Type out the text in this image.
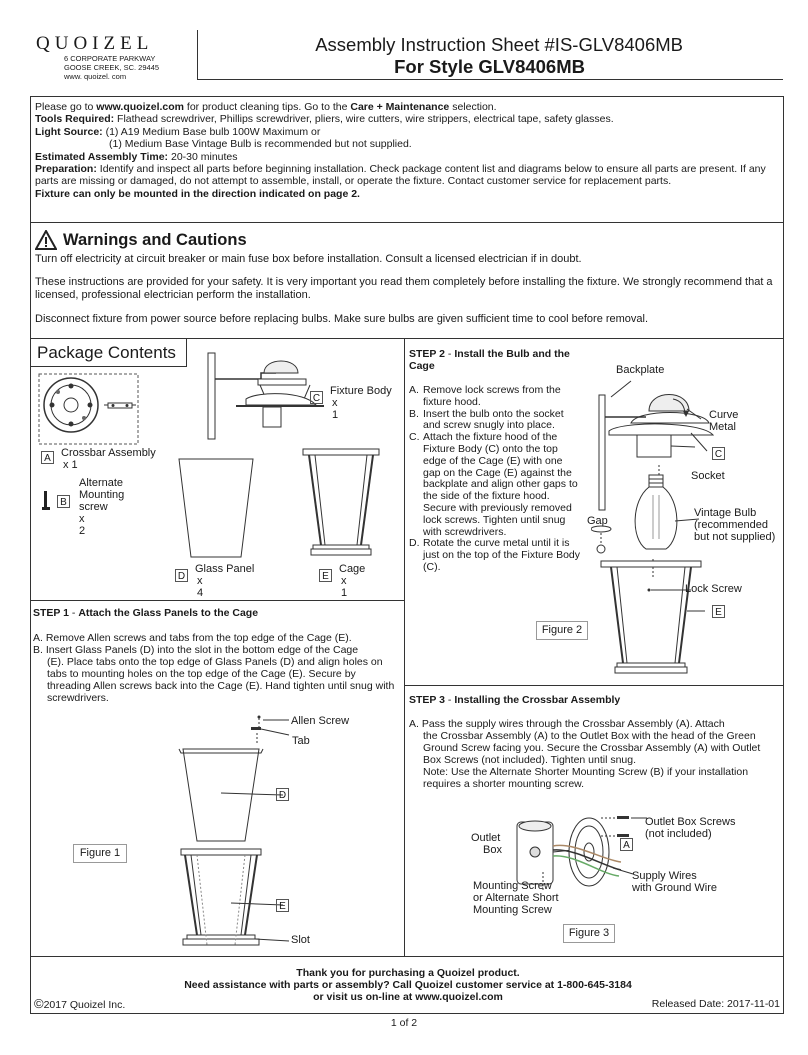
QUOIZEL
6 CORPORATE PARKWAY
GOOSE CREEK, SC. 29445
www. quoizel. com
Assembly Instruction Sheet #IS-GLV8406MB
For Style GLV8406MB
Please go to www.quoizel.com for product cleaning tips. Go to the Care + Maintenance selection.
Tools Required: Flathead screwdriver, Phillips screwdriver, pliers, wire cutters, wire strippers, electrical tape, safety glasses.
Light Source: (1) A19 Medium Base bulb 100W Maximum or
(1) Medium Base Vintage Bulb is recommended but not supplied.
Estimated Assembly Time: 20-30 minutes
Preparation: Identify and inspect all parts before beginning installation. Check package content list and diagrams below to ensure all parts are present. If any parts are missing or damaged, do not attempt to assemble, install, or operate the fixture. Contact customer service for replacement parts.
Fixture can only be mounted in the direction indicated on page 2.
Warnings and Cautions
Turn off electricity at circuit breaker or main fuse box before installation. Consult a licensed electrician if in doubt.
These instructions are provided for your safety. It is very important you read them completely before installing the fixture. We strongly recommend that a licensed, professional electrician perform the installation.
Disconnect fixture from power source before replacing bulbs. Make sure bulbs are given sufficient time to cool before removal.
Package Contents
A Crossbar Assembly
x 1
B
Alternate
Mounting
screw
x 2
C
Fixture Body
x 1
D
Glass Panel
x 4
E
Cage
x 1
STEP 1 - Attach the Glass Panels to the Cage
A. Remove Allen screws and tabs from the top edge of the Cage (E).
B. Insert Glass Panels (D) into the slot in the bottom edge of the Cage
(E). Place tabs onto the top edge of Glass Panels (D) and align holes on tabs to mounting holes on the top edge of the Cage (E). Secure by threading Allen screws back into the Cage (E). Hand tighten until snug with screwdrivers.
Allen Screw
Tab
D
E
Slot
Figure 1
STEP 2 - Install the Bulb and the Cage
A. Remove lock screws from the fixture hood.
B. Insert the bulb onto the socket and screw snugly into place.
C. Attach the fixture hood of the Fixture Body (C) onto the top edge of the Cage (E) with one gap on the Cage (E) against the backplate and align other gaps to the side of the fixture hood. Secure with previously removed lock screws. Tighten until snug with screwdrivers.
D. Rotate the curve metal until it is just on the top of the Fixture Body (C).
Figure 2
Backplate
Curve
Metal
C
Socket
Gap
Vintage Bulb
(recommended
but not supplied)
Lock Screw
E
STEP 3 - Installing the Crossbar Assembly
A. Pass the supply wires through the Crossbar Assembly (A). Attach
the Crossbar Assembly (A) to the Outlet Box with the head of the Green Ground Screw facing you. Secure the Crossbar Assembly (A) with Outlet Box Screws (not included). Tighten until snug.
Note: Use the Alternate Shorter Mounting Screw (B) if your installation requires a shorter mounting screw.
Outlet Box Screws
(not included)
Outlet
Box	A
Supply Wires
with Ground Wire
Mounting Screw
or Alternate Short
Mounting Screw
Figure 3
Thank you for purchasing a Quoizel product.
Need assistance with parts or assembly? Call Quoizel customer service at 1-800-645-3184
or visit us on-line at www.quoizel.com
©2017 Quoizel Inc.	Released Date: 2017-11-01
1 of 2
